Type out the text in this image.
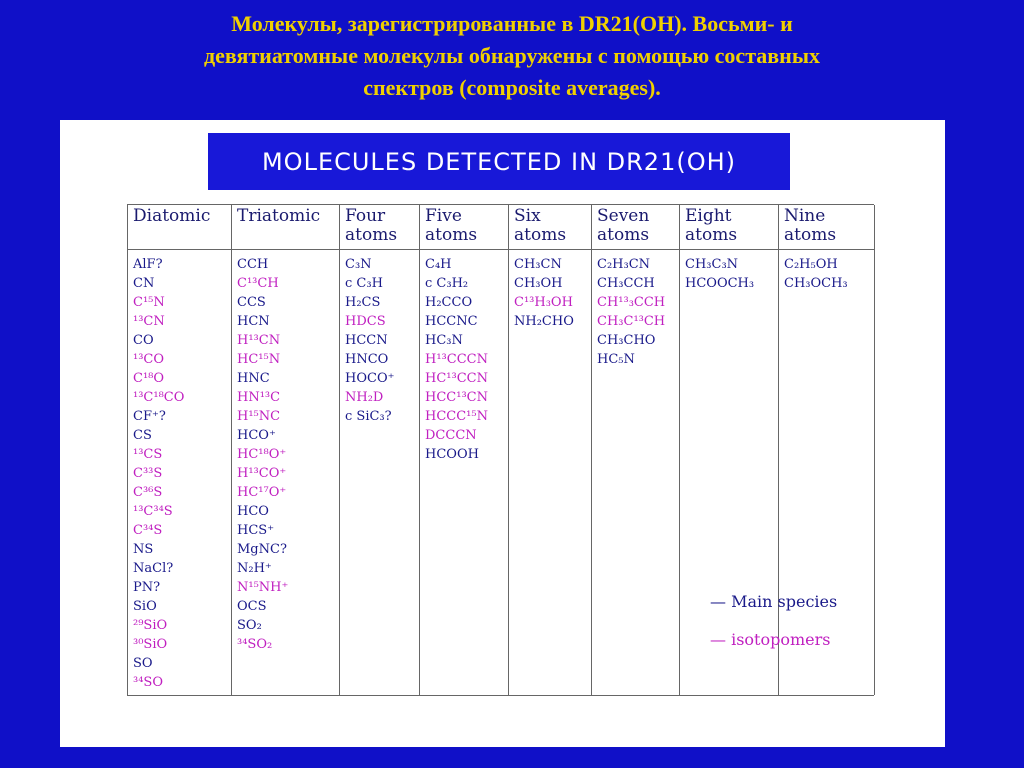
Молекулы, зарегистрированные в DR21(OH). Восьми- и
девятиатомные молекулы обнаружены с помощью составных
спектров (composite averages).
MOLECULES DETECTED IN DR21(OH)
Diatomic
AlF?
CN
C¹⁵N
¹³CN
CO
¹³CO
C¹⁸O
¹³C¹⁸CO
CF⁺?
CS
¹³CS
C³³S
C³⁶S
¹³C³⁴S
C³⁴S
NS
NaCl?
PN?
SiO
²⁹SiO
³⁰SiO
SO
³⁴SO
Triatomic
CCH
C¹³CH
CCS
HCN
H¹³CN
HC¹⁵N
HNC
HN¹³C
H¹⁵NC
HCO⁺
HC¹⁸O⁺
H¹³CO⁺
HC¹⁷O⁺
HCO
HCS⁺
MgNC?
N₂H⁺
N¹⁵NH⁺
OCS
SO₂
³⁴SO₂
Four
atoms
C₃N
c C₃H
H₂CS
HDCS
HCCN
HNCO
HOCO⁺
NH₂D
c SiC₃?
Five
atoms
C₄H
c C₃H₂
H₂CCO
HCCNC
HC₃N
H¹³CCCN
HC¹³CCN
HCC¹³CN
HCCC¹⁵N
DCCCN
HCOOH
Six
atoms
CH₃CN
CH₃OH
C¹³H₃OH
NH₂CHO
Seven
atoms
C₂H₃CN
CH₃CCH
CH¹³₃CCH
CH₃C¹³CH
CH₃CHO
HC₅N
Eight
atoms
CH₃C₃N
HCOOCH₃
Nine
atoms
C₂H₅OH
CH₃OCH₃
— Main species
— isotopomers
